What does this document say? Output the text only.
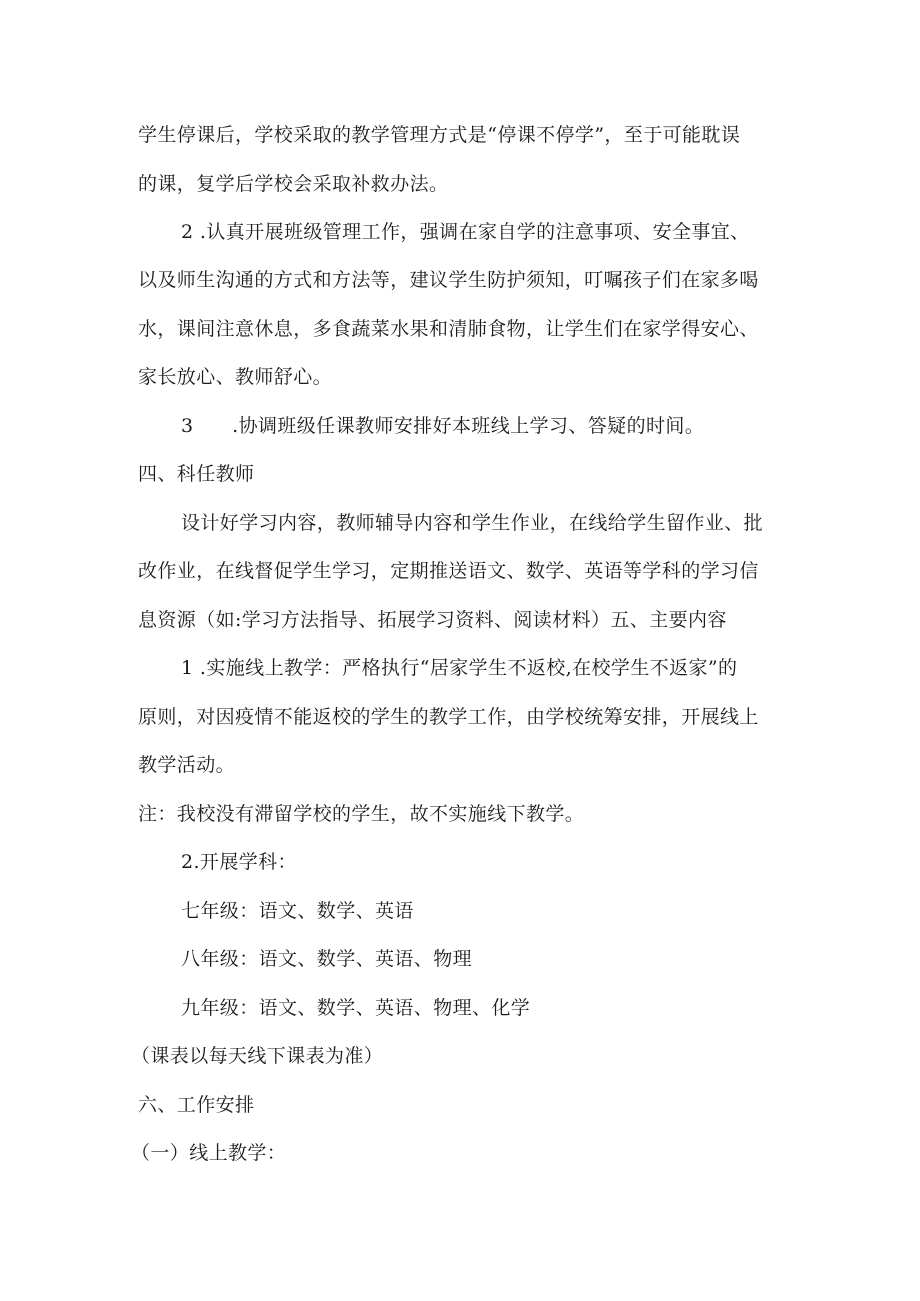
学生停课后，学校采取的教学管理方式是“停课不停学”，至于可能耽误
的课，复学后学校会采取补救办法。
2 .认真开展班级管理工作，强调在家自学的注意事项、安全事宜、
以及师生沟通的方式和方法等，建议学生防护须知，叮嘱孩子们在家多喝
水，课间注意休息，多食蔬菜水果和清肺食物，让学生们在家学得安心、
家长放心、教师舒心。
3      .协调班级任课教师安排好本班线上学习、答疑的时间。
四、科任教师
设计好学习内容，教师辅导内容和学生作业，在线给学生留作业、批
改作业，在线督促学生学习，定期推送语文、数学、英语等学科的学习信
息资源（如:学习方法指导、拓展学习资料、阅读材料）五、主要内容
1 .实施线上教学：严格执行“居家学生不返校,在校学生不返家”的
原则，对因疫情不能返校的学生的教学工作，由学校统筹安排，开展线上
教学活动。
注：我校没有滞留学校的学生，故不实施线下教学。
2.开展学科：
七年级：语文、数学、英语
八年级：语文、数学、英语、物理
九年级：语文、数学、英语、物理、化学
（课表以每天线下课表为准）
六、工作安排
（一）线上教学：
